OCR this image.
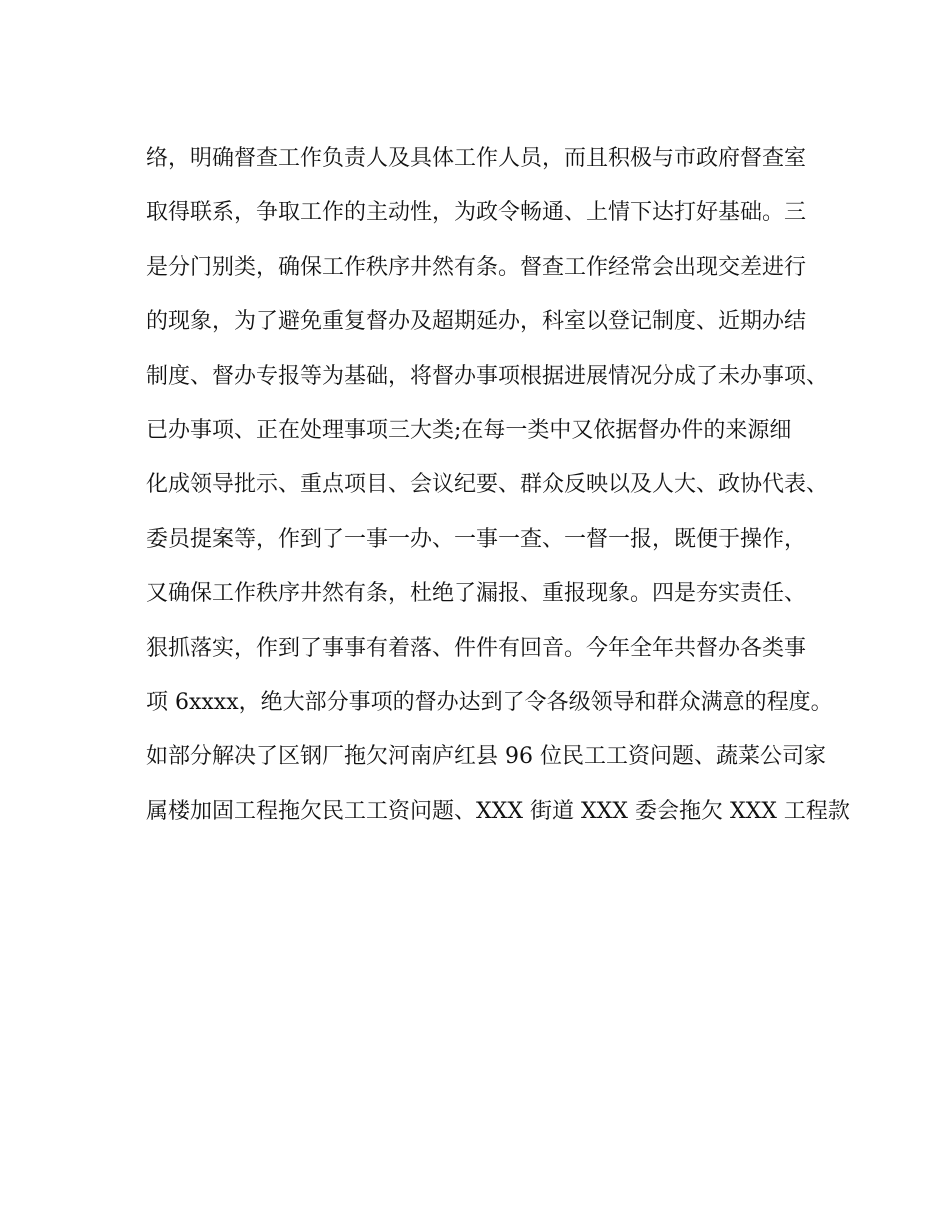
络，明确督查工作负责人及具体工作人员，而且积极与市政府督查室
取得联系，争取工作的主动性，为政令畅通、上情下达打好基础。三
是分门别类，确保工作秩序井然有条。督查工作经常会出现交差进行
的现象，为了避免重复督办及超期延办，科室以登记制度、近期办结
制度、督办专报等为基础，将督办事项根据进展情况分成了未办事项、
已办事项、正在处理事项三大类;在每一类中又依据督办件的来源细
化成领导批示、重点项目、会议纪要、群众反映以及人大、政协代表、
委员提案等，作到了一事一办、一事一查、一督一报，既便于操作，
又确保工作秩序井然有条，杜绝了漏报、重报现象。四是夯实责任、
狠抓落实，作到了事事有着落、件件有回音。今年全年共督办各类事
项 6xxxx，绝大部分事项的督办达到了令各级领导和群众满意的程度。
如部分解决了区钢厂拖欠河南庐红县 96 位民工工资问题、蔬菜公司家
属楼加固工程拖欠民工工资问题、XXX 街道 XXX 委会拖欠 XXX 工程款
